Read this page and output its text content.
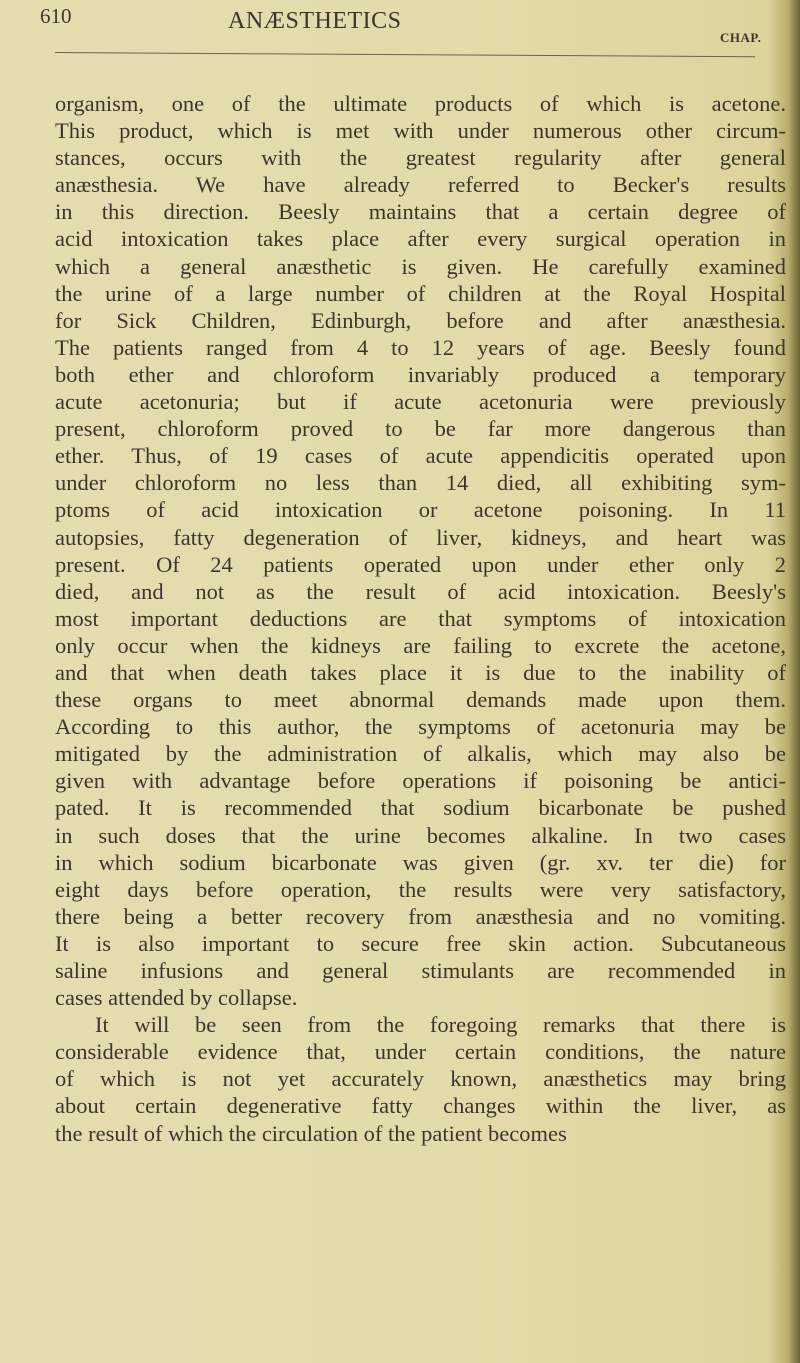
610	ANÆSTHETICS
CHAP.
organism, one of the ultimate products of which is acetone.
This product, which is met with under numerous other circum-
stances, occurs with the greatest regularity after general
anæsthesia. We have already referred to Becker's results
in this direction. Beesly maintains that a certain degree of
acid intoxication takes place after every surgical operation in
which a general anæsthetic is given. He carefully examined
the urine of a large number of children at the Royal Hospital
for Sick Children, Edinburgh, before and after anæsthesia.
The patients ranged from 4 to 12 years of age. Beesly found
both ether and chloroform invariably produced a temporary
acute acetonuria; but if acute acetonuria were previously
present, chloroform proved to be far more dangerous than
ether. Thus, of 19 cases of acute appendicitis operated upon
under chloroform no less than 14 died, all exhibiting sym-
ptoms of acid intoxication or acetone poisoning. In 11
autopsies, fatty degeneration of liver, kidneys, and heart was
present. Of 24 patients operated upon under ether only 2
died, and not as the result of acid intoxication. Beesly's
most important deductions are that symptoms of intoxication
only occur when the kidneys are failing to excrete the acetone,
and that when death takes place it is due to the inability of
these organs to meet abnormal demands made upon them.
According to this author, the symptoms of acetonuria may be
mitigated by the administration of alkalis, which may also be
given with advantage before operations if poisoning be antici-
pated. It is recommended that sodium bicarbonate be pushed
in such doses that the urine becomes alkaline. In two cases
in which sodium bicarbonate was given (gr. xv. ter die) for
eight days before operation, the results were very satisfactory,
there being a better recovery from anæsthesia and no vomiting.
It is also important to secure free skin action. Subcutaneous
saline infusions and general stimulants are recommended in
cases attended by collapse.
It will be seen from the foregoing remarks that there is
considerable evidence that, under certain conditions, the nature
of which is not yet accurately known, anæsthetics may bring
about certain degenerative fatty changes within the liver, as
the result of which the circulation of the patient becomes
